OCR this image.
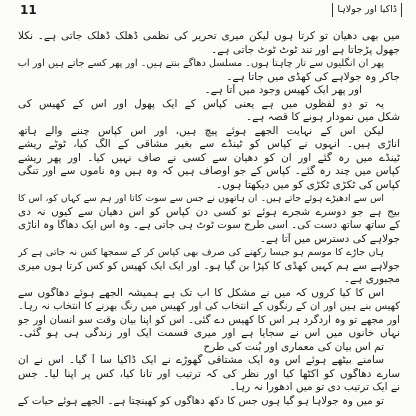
11	ڈاکیا اور جولاہا
میں بھی دھیان تو کرتا ہوں لیکن میری تحریر کی نظمی ڈھلک ڈھلک جاتی ہے۔ نکلا
جھول پڑجاتا ہے اور تند ٹوٹ ٹوٹ جاتی ہے۔
پھر ان انگلیوں سے تار چاہتا ہوں۔ مسلسل دھاگے بنتے ہیں۔ اور پھر کسے جاتے ہیں اور اب
جاکر وہ جولاہے کی کھڈی میں جاتا ہے۔
اور پھر ایک کھیس وجود میں آتا ہے۔
یہ تو دو لفظوں میں ہے یعنی کپاس کے ایک پھول اور اس کے کھیس کی
شکل میں نمودار ہونے کا قصہ ہے۔
لیکن اس کے نہایت الجھے ہوئے پیچ ہیں، اور اس کپاس چننے والے ہاتھ
اناڑی ہیں۔ انہوں نے کپاس کو ٹینڈے سے بغیر مشاقی کے الگ کیا، ٹوٹے ریشے
ٹینڈے میں رہ گئے اور ان کو دھیان سے کسی نے صاف نہیں کیا۔ اور پھر ریشے
کپاس میں چند رہ گئے۔ کپاس کے جو اوصاف ہیں کہ وہ ہیں وہ ناموں سے اور تنگی
کپاس کی ٹکڑی ٹکڑی کو میں دیکھتا ہوں۔
اس سے ادھیڑے ہوئے جاتے ہیں۔ ان ہاتھوں نے جس سے سوت کاتا اور ہم سے کہاں کو، اس کا
بیج ہے جو دوسرے شجرے ہوئے تو کسی دن کپاس کو اس دھیان سے کیوں نہ دی
کے ساتھ ساتھ دست کی۔ اسی طرح سوت ٹوٹ ہی جاتی ہے۔ وہ اس ایک دھاگا وہ اناڑی
جولاہے کی دسترس میں آتا ہے۔
ہاں جاڑے کا موسم ہو جیسا رکھنے کی صرف بھی کپاس کر کے سمجھا کس نہ جاتی ہے کر
جولاہے سے ہم کہیں کھڈی کا کپڑا بن گیا ہو۔ اور ایک ایک کھیس کو کس کرتا ہوں میری
مجبوری ہے۔
اس کا کیا کروں کہ میں نے مشکل کا اب تک ہے ہمیشہ الجھے ہوئے دھاگوں سے
کھیس بنے ہیں اور ان کے رنگوں کے انتخاب کی اور کھیس میں رنگ بھرنے کا انتخاب نہ رہا۔
اور مجھے تو وہ اردگرد ہر اس کا کھیس دے گئی۔ اس کو اپنا بیان وقت سو انسان اور جو
نہاں خانوں میں اس نے سجایا ہے اور میری قسمت ایک اور زندگی ہی ہو گئی۔
تم اس بیان کی معماری اور بُنت کی طرح
سامنے بیٹھے ہوئے اس وہ ایک مشتاقی گھوڑے نے ایک ڈاکیا سا آ گیا۔ اس نے ان
سارے دھاگوں کو اکٹھا کیا اور نظر کی کہ ترتیب اور تانا کیا، کس پر اپنا لیا۔ جس
نے ایک ترتیب دی تو میں ادھورا نہ رہا۔
تو میں وہ جولاہا ہو گیا ہوں جس کا دکھ دھاگوں کو کھینچتا ہے۔ الجھے ہوئے حیات کے
